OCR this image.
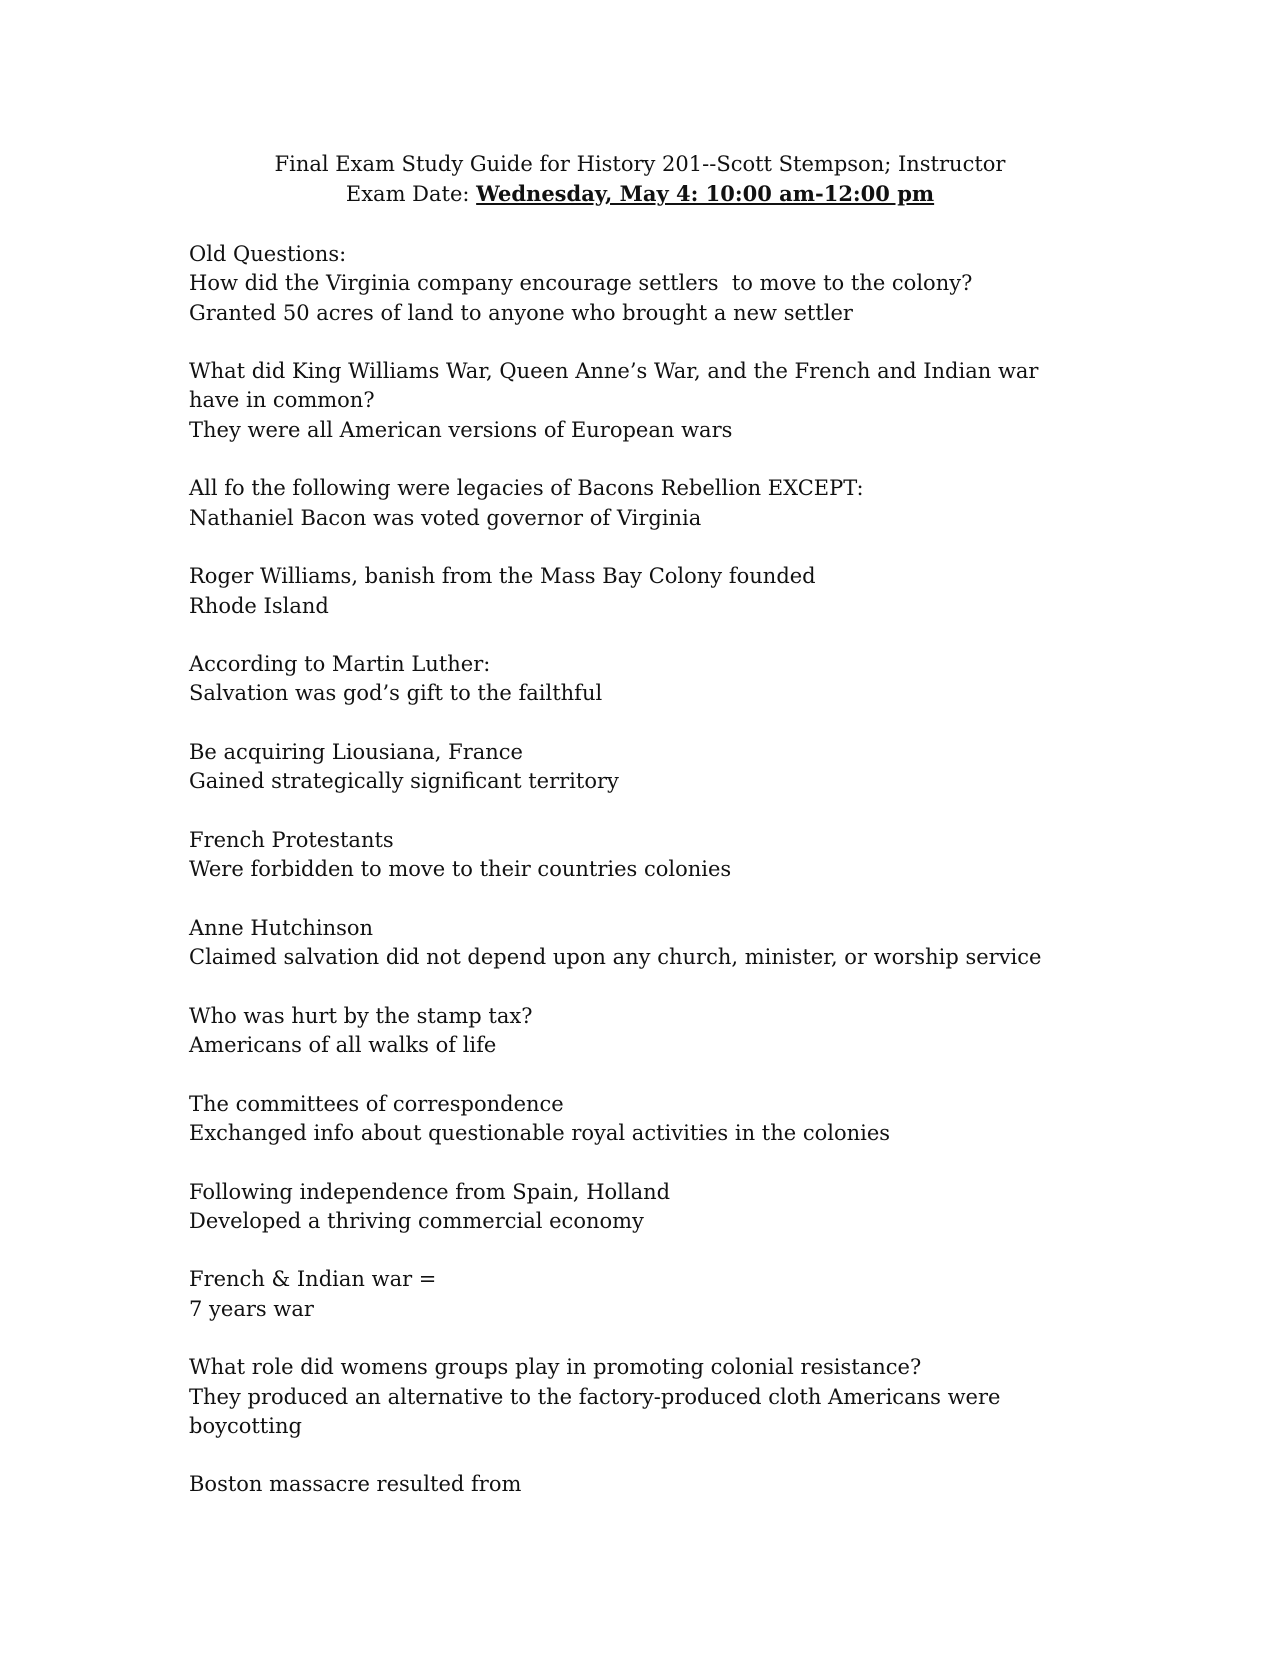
Final Exam Study Guide for History 201--Scott Stempson; Instructor
Exam Date: Wednesday, May 4: 10:00 am-12:00 pm

Old Questions:

How did the Virginia company encourage settlers  to move to the colony?

Granted 50 acres of land to anyone who brought a new settler

What did King Williams War, Queen Anne’s War, and the French and Indian war

have in common?

They were all American versions of European wars

All fo the following were legacies of Bacons Rebellion EXCEPT:

Nathaniel Bacon was voted governor of Virginia

Roger Williams, banish from the Mass Bay Colony founded

Rhode Island

According to Martin Luther:

Salvation was god’s gift to the failthful

Be acquiring Liousiana, France

Gained strategically significant territory

French Protestants

Were forbidden to move to their countries colonies

Anne Hutchinson

Claimed salvation did not depend upon any church, minister, or worship service

Who was hurt by the stamp tax?

Americans of all walks of life

The committees of correspondence

Exchanged info about questionable royal activities in the colonies

Following independence from Spain, Holland

Developed a thriving commercial economy

French & Indian war =

7 years war

What role did womens groups play in promoting colonial resistance?

They produced an alternative to the factory-produced cloth Americans were

boycotting

Boston massacre resulted from
